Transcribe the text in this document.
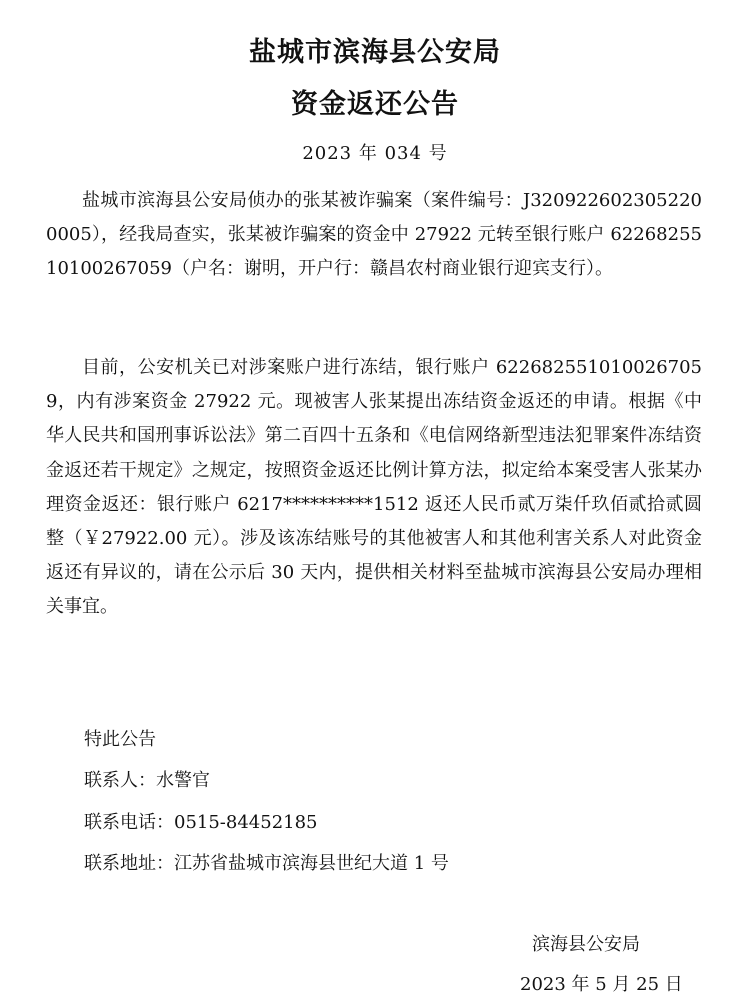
盐城市滨海县公安局
资金返还公告
2023 年 034 号

盐城市滨海县公安局侦办的张某被诈骗案（案件编号：J3209226023052200005），经我局查实，张某被诈骗案的资金中 27922 元转至银行账户 6226825510100267059（户名：谢明，开户行：赣昌农村商业银行迎宾支行）。

目前，公安机关已对涉案账户进行冻结，银行账户 6226825510100267059，内有涉案资金 27922 元。现被害人张某提出冻结资金返还的申请。根据《中华人民共和国刑事诉讼法》第二百四十五条和《电信网络新型违法犯罪案件冻结资金返还若干规定》之规定，按照资金返还比例计算方法，拟定给本案受害人张某办理资金返还：银行账户 6217**********1512 返还人民币贰万柒仟玖佰贰拾贰圆整（￥27922.00 元）。涉及该冻结账号的其他被害人和其他利害关系人对此资金返还有异议的，请在公示后 30 天内，提供相关材料至盐城市滨海县公安局办理相关事宜。

特此公告
联系人：水警官
联系电话：0515-84452185
联系地址：江苏省盐城市滨海县世纪大道 1 号
滨海县公安局
2023 年 5 月 25 日
